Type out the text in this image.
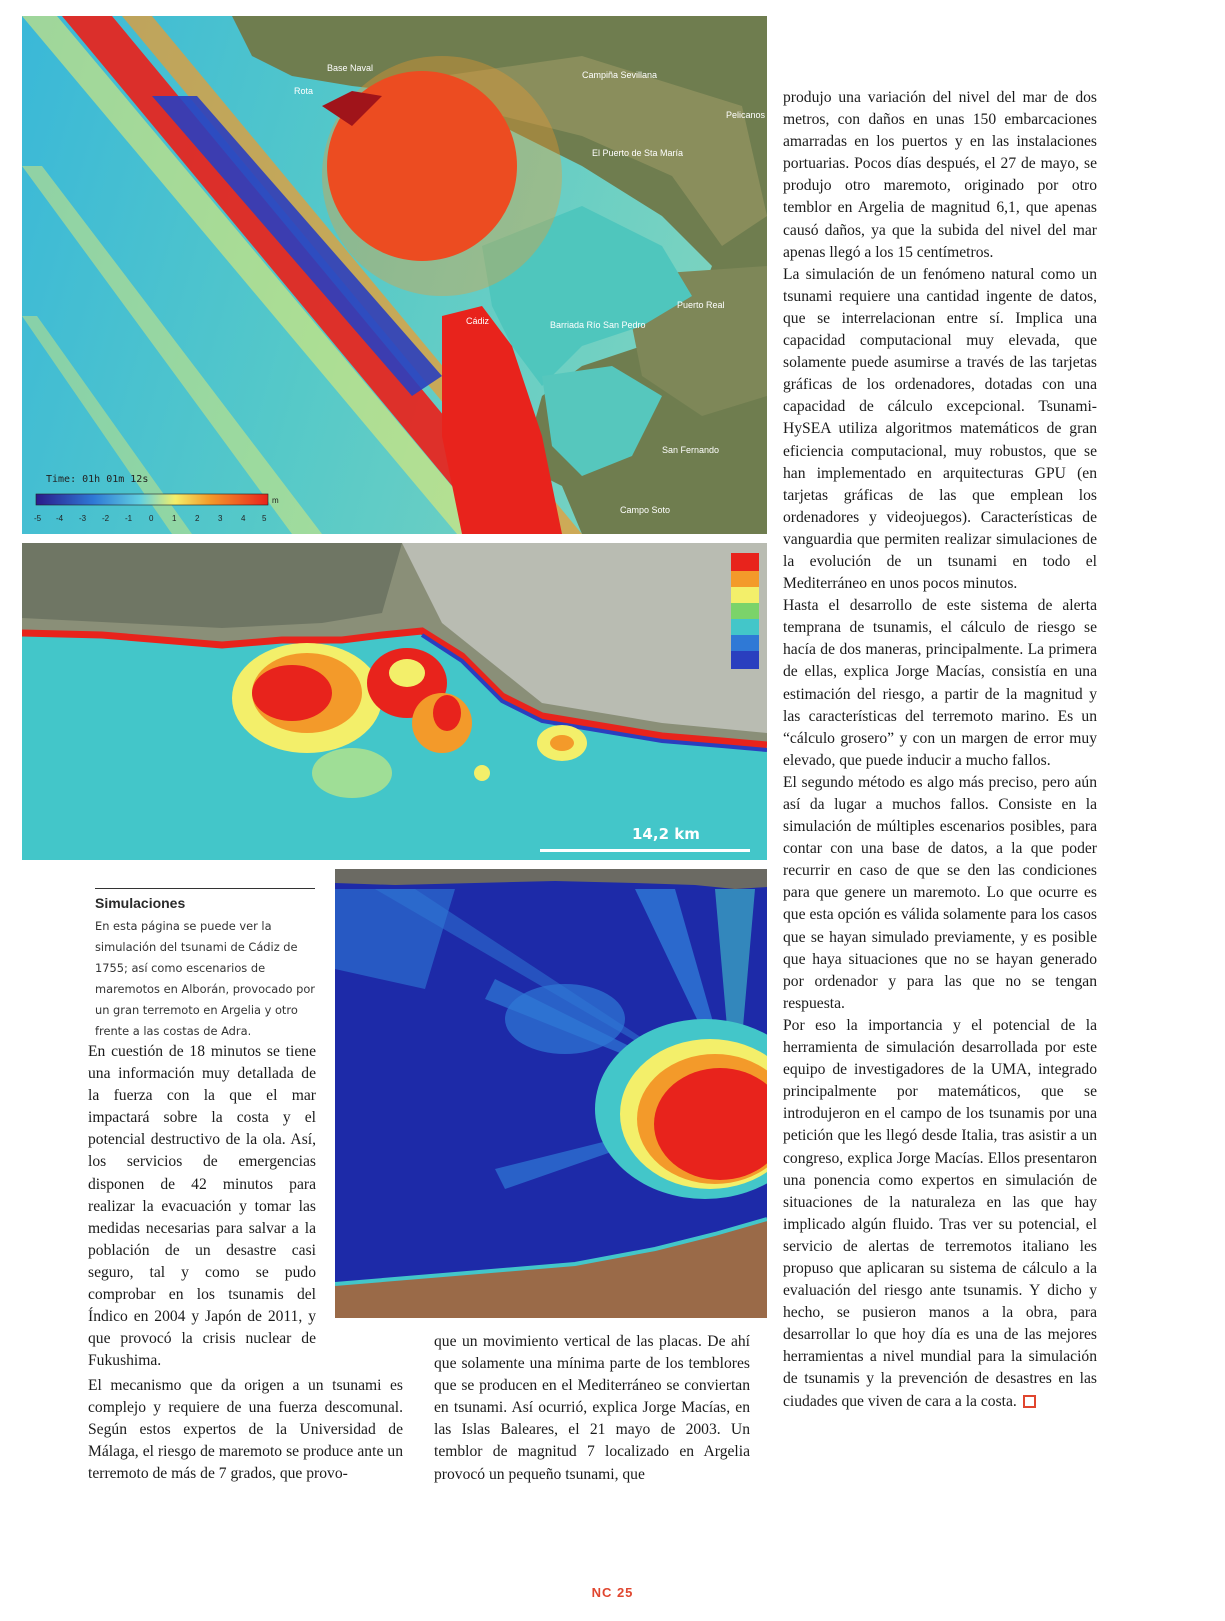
Rota
Base Naval
Campiña Sevillana
El Puerto de Sta María
Puerto Real
Cádiz	Barriada Río San Pedro
San Fernando
Campo Soto
Pelicanos
Time: 01h 01m 12s
-5 -4 -3 -2 -1 0 1 2 3 4 5
m
14,2 km
Simulaciones
En esta página se puede ver la simulación del tsunami de Cádiz de 1755; así como escenarios de maremotos en Alborán, provocado por un gran terremoto en Argelia y otro frente a las costas de Adra.

En cuestión de 18 minutos se tiene una información muy detallada de la fuerza con la que el mar impactará sobre la costa y el potencial destructivo de la ola. Así, los servicios de emergencias disponen de 42 minutos para realizar la evacuación y tomar las medidas necesarias para salvar a la población de un desastre casi seguro, tal y como se pudo comprobar en los tsunamis del Índico en 2004 y Japón de 2011, y que provocó la crisis nuclear de Fukushima.

El mecanismo que da origen a un tsunami es complejo y requiere de una fuerza descomunal. Según estos expertos de la Universidad de Málaga, el riesgo de maremoto se produce ante un terremoto de más de 7 grados, que provo-

que un movimiento vertical de las placas. De ahí que solamente una mínima parte de los temblores que se producen en el Mediterráneo se conviertan en tsunami. Así ocurrió, explica Jorge Macías, en las Islas Baleares, el 21 mayo de 2003. Un temblor de magnitud 7 localizado en Argelia provocó un pequeño tsunami, que

produjo una variación del nivel del mar de dos metros, con daños en unas 150 embarcaciones amarradas en los puertos y en las instalaciones portuarias. Pocos días después, el 27 de mayo, se produjo otro maremoto, originado por otro temblor en Argelia de magnitud 6,1, que apenas causó daños, ya que la subida del nivel del mar apenas llegó a los 15 centímetros.

La simulación de un fenómeno natural como un tsunami requiere una cantidad ingente de datos, que se interrelacionan entre sí. Implica una capacidad computacional muy elevada, que solamente puede asumirse a través de las tarjetas gráficas de los ordenadores, dotadas con una capacidad de cálculo excepcional. Tsunami-HySEA utiliza algoritmos matemáticos de gran eficiencia computacional, muy robustos, que se han implementado en arquitecturas GPU (en tarjetas gráficas de las que emplean los ordenadores y videojuegos). Características de vanguardia que permiten realizar simulaciones de la evolución de un tsunami en todo el Mediterráneo en unos pocos minutos.

Hasta el desarrollo de este sistema de alerta temprana de tsunamis, el cálculo de riesgo se hacía de dos maneras, principalmente. La primera de ellas, explica Jorge Macías, consistía en una estimación del riesgo, a partir de la magnitud y las características del terremoto marino. Es un “cálculo grosero” y con un margen de error muy elevado, que puede inducir a mucho fallos.

El segundo método es algo más preciso, pero aún así da lugar a muchos fallos. Consiste en la simulación de múltiples escenarios posibles, para contar con una base de datos, a la que poder recurrir en caso de que se den las condiciones para que genere un maremoto. Lo que ocurre es que esta opción es válida solamente para los casos que se hayan simulado previamente, y es posible que haya situaciones que no se hayan generado por ordenador y para las que no se tengan respuesta.

Por eso la importancia y el potencial de la herramienta de simulación desarrollada por este equipo de investigadores de la UMA, integrado principalmente por matemáticos, que se introdujeron en el campo de los tsunamis por una petición que les llegó desde Italia, tras asistir a un congreso, explica Jorge Macías. Ellos presentaron una ponencia como expertos en simulación de situaciones de la naturaleza en las que hay implicado algún fluido. Tras ver su potencial, el servicio de alertas de terremotos italiano les propuso que aplicaran su sistema de cálculo a la evaluación del riesgo ante tsunamis. Y dicho y hecho, se pusieron manos a la obra, para desarrollar lo que hoy día es una de las mejores herramientas a nivel mundial para la simulación de tsunamis y la prevención de desastres en las ciudades que viven de cara a la costa.

NC 25
